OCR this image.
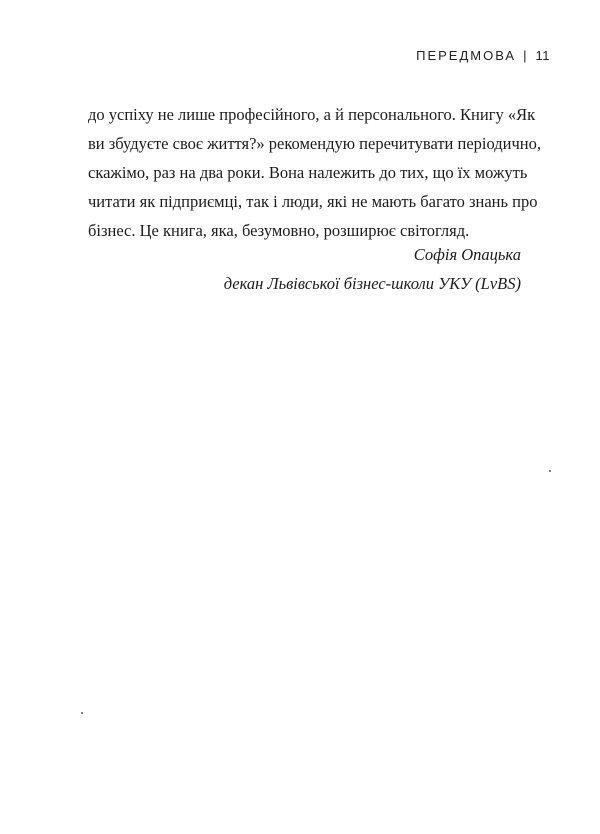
ПЕРЕДМОВА | 11
до успіху не лише професійного, а й персонального. Книгу «Як
ви збудуєте своє життя?» рекомендую перечитувати періодично,
скажімо, раз на два роки. Вона належить до тих, що їх можуть
читати як підприємці, так і люди, які не мають багато знань про
бізнес. Це книга, яка, безумовно, розширює світогляд.
Софія Опацька
декан Львівської бізнес-школи УКУ (LvBS)
